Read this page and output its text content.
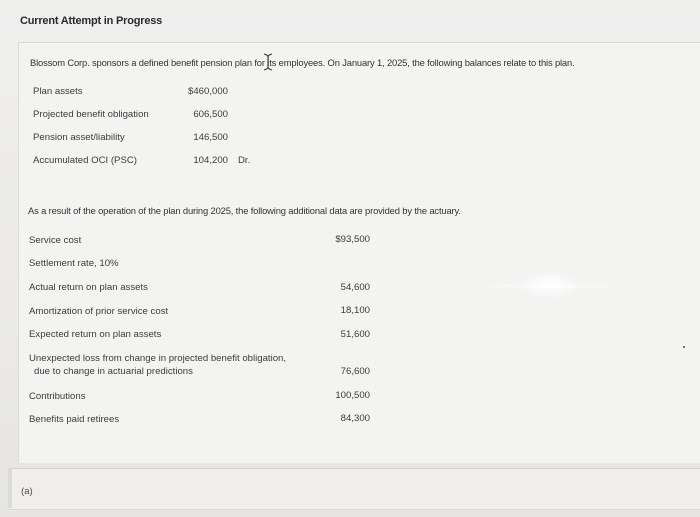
Current Attempt in Progress
Blossom Corp. sponsors a defined benefit pension plan for its employees. On January 1, 2025, the following balances relate to this plan.
Plan assets	$460,000
Projected benefit obligation	606,500
Pension asset/liability	146,500
Accumulated OCI (PSC)	104,200 Dr.
As a result of the operation of the plan during 2025, the following additional data are provided by the actuary.
Service cost	$93,500
Settlement rate, 10%
Actual return on plan assets	54,600
Amortization of prior service cost	18,100
Expected return on plan assets	51,600
Unexpected loss from change in projected benefit obligation,
due to change in actuarial predictions	76,600
Contributions	100,500
Benefits paid retirees	84,300
(a)
